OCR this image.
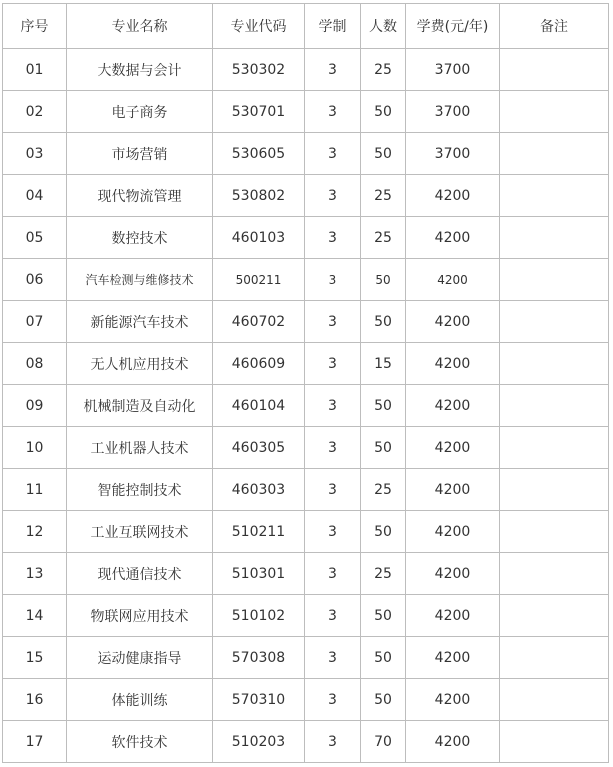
序号	专业名称	专业代码	学制	人数	学费(元/年)	备注
01	大数据与会计	530302	3	25	3700	
02	电子商务	530701	3	50	3700	
03	市场营销	530605	3	50	3700	
04	现代物流管理	530802	3	25	4200	
05	数控技术	460103	3	25	4200	
06	汽车检测与维修技术	500211	3	50	4200	
07	新能源汽车技术	460702	3	50	4200	
08	无人机应用技术	460609	3	15	4200	
09	机械制造及自动化	460104	3	50	4200	
10	工业机器人技术	460305	3	50	4200	
11	智能控制技术	460303	3	25	4200	
12	工业互联网技术	510211	3	50	4200	
13	现代通信技术	510301	3	25	4200	
14	物联网应用技术	510102	3	50	4200	
15	运动健康指导	570308	3	50	4200	
16	体能训练	570310	3	50	4200	
17	软件技术	510203	3	70	4200	
